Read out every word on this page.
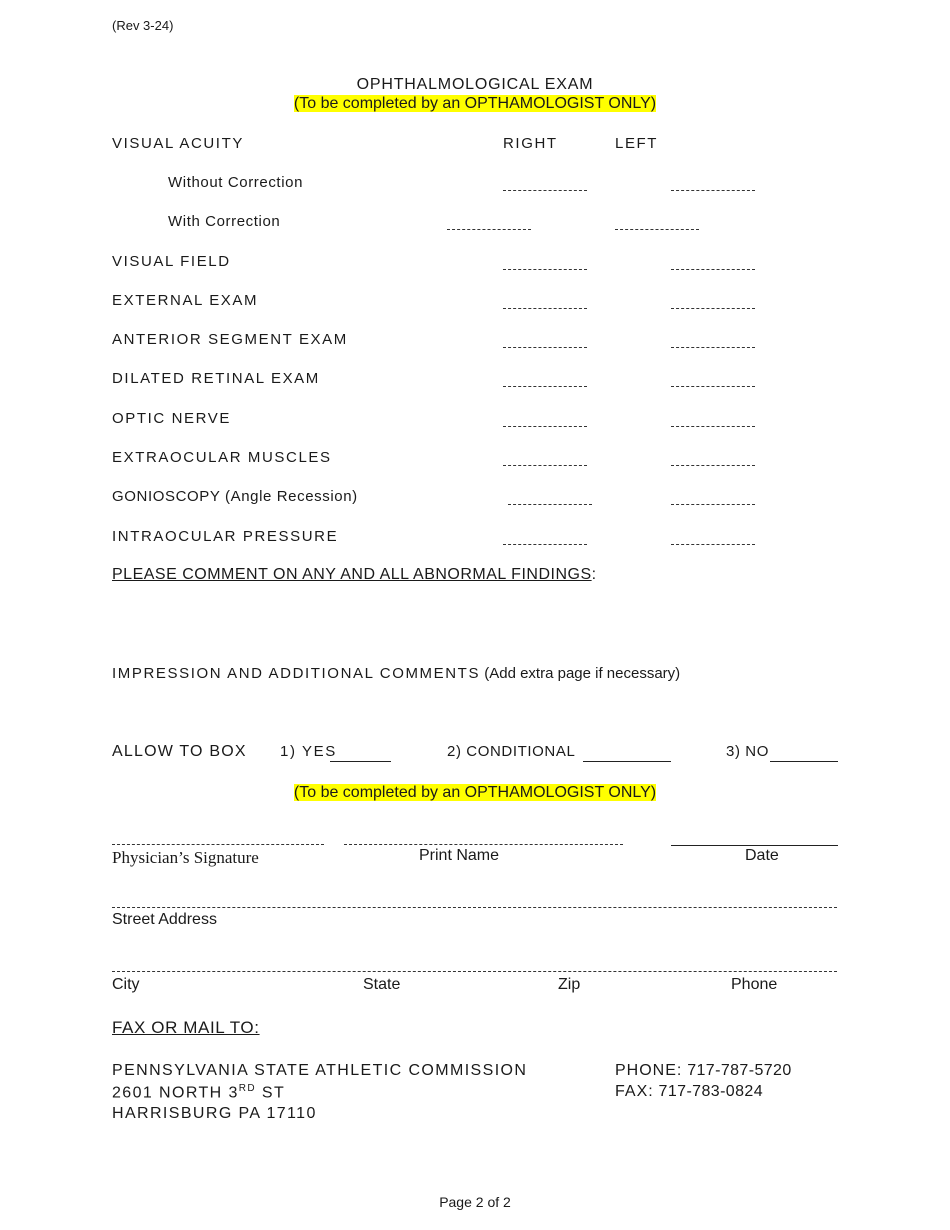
(Rev 3-24)
OPHTHALMOLOGICAL EXAM
(To be completed by an OPTHAMOLOGIST ONLY)
VISUAL ACUITY	RIGHT	LEFT
Without Correction
With Correction
VISUAL FIELD
EXTERNAL EXAM
ANTERIOR SEGMENT EXAM
DILATED RETINAL EXAM
OPTIC NERVE
EXTRAOCULAR MUSCLES
GONIOSCOPY (Angle Recession)
INTRAOCULAR PRESSURE
PLEASE COMMENT ON ANY AND ALL ABNORMAL FINDINGS:
IMPRESSION AND ADDITIONAL COMMENTS (Add extra page if necessary)
ALLOW TO BOX 1) YES	2) CONDITIONAL	3) NO
(To be completed by an OPTHAMOLOGIST ONLY)
Physician’s Signature	Print Name	Date
Street Address
City	State	Zip	Phone
FAX OR MAIL TO:
PENNSYLVANIA STATE ATHLETIC COMMISSION
2601 NORTH 3RD ST
HARRISBURG PA 17110
PHONE: 717-787-5720
FAX: 717-783-0824
Page 2 of 2
